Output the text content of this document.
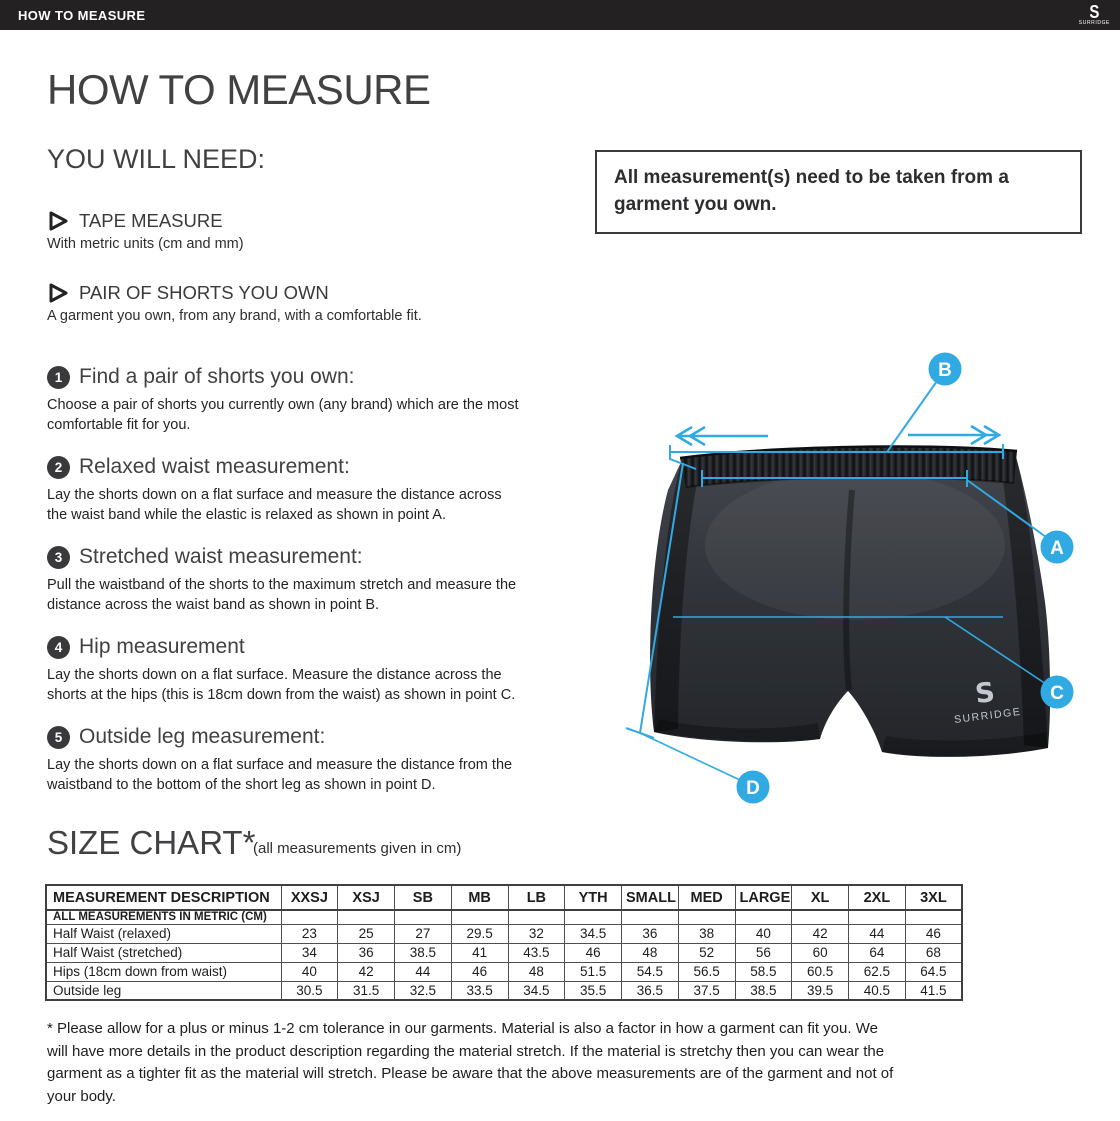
HOW TO MEASURE	S
SURRIDGE
HOW TO MEASURE
YOU WILL NEED:

All measurement(s) need to be taken from a garment you own.

TAPE MEASURE
With metric units (cm and mm)
PAIR OF SHORTS YOU OWN
A garment you own, from any brand, with a comfortable fit.
1 Find a pair of shorts you own:

Choose a pair of shorts you currently own (any brand) which are the most comfortable fit for you.

2 Relaxed waist measurement:

Lay the shorts down on a flat surface and measure the distance across the waist band while the elastic is relaxed as shown in point A.

3 Stretched waist measurement:

Pull the waistband of the shorts to the maximum stretch and measure the distance across the waist band as shown in point B.

4 Hip measurement

Lay the shorts down on a flat surface. Measure the distance across the shorts at the hips (this is 18cm down from the waist) as shown in point C.

5 Outside leg measurement:

Lay the shorts down on a flat surface and measure the distance from the waistband to the bottom of the short leg as shown in point D.

S
SURRIDGE
B
A
C
D
SIZE CHART*
(all measurements given in cm)
MEASUREMENT DESCRIPTION	XXSJ	XSJ	SB	MB	LB	YTH	SMALL	MED	LARGE	XL	2XL	3XL
ALL MEASUREMENTS IN METRIC (CM)												
Half Waist (relaxed)	23	25	27	29.5	32	34.5	36	38	40	42	44	46
Half Waist (stretched)	34	36	38.5	41	43.5	46	48	52	56	60	64	68
Hips (18cm down from waist)	40	42	44	46	48	51.5	54.5	56.5	58.5	60.5	62.5	64.5
Outside leg	30.5	31.5	32.5	33.5	34.5	35.5	36.5	37.5	38.5	39.5	40.5	41.5

* Please allow for a plus or minus 1-2 cm tolerance in our garments. Material is also a factor in how a garment can fit you. We will have more details in the product description regarding the material stretch. If the material is stretchy then you can wear the garment as a tighter fit as the material will stretch. Please be aware that the above measurements are of the garment and not of your body.
